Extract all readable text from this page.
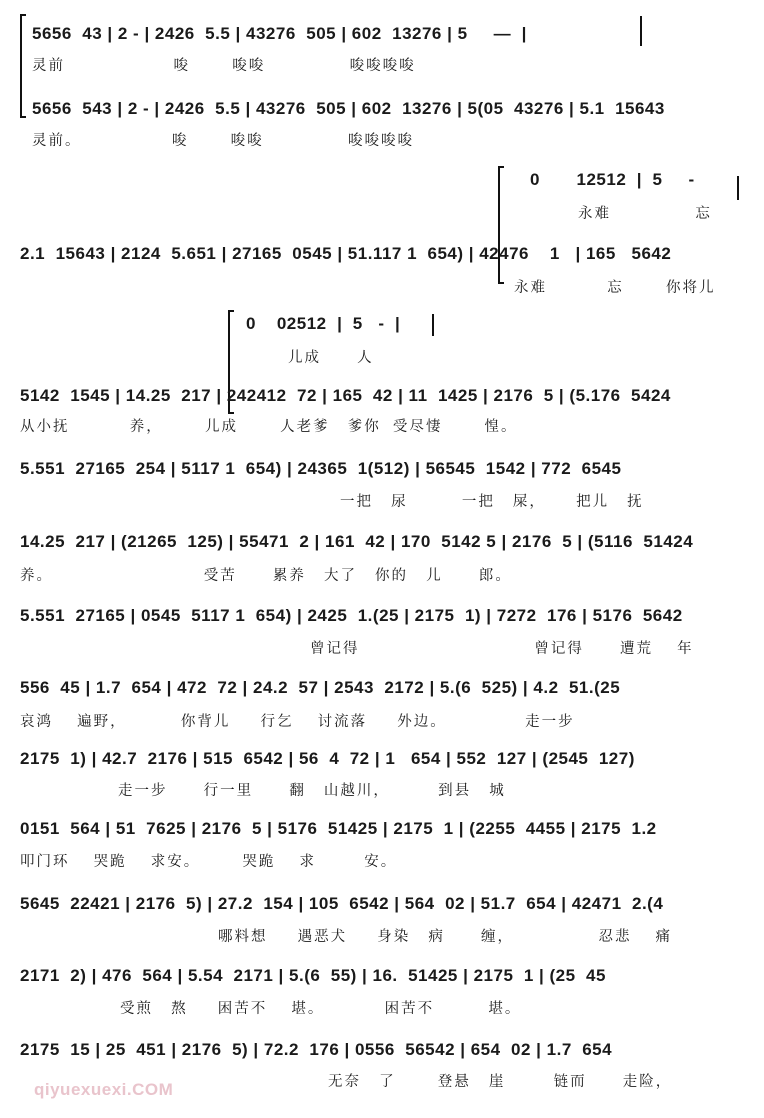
5656  43 | 2 - | 2426  5.5 | 43276  505 | 602  13276 | 5     —  |
灵前                  唆       唆唆              唆唆唆唆
5656  543 | 2 - | 2426  5.5 | 43276  505 | 602  13276 | 5(05  43276 | 5.1  15643
灵前。               唆       唆唆              唆唆唆唆
0       12512  |  5     -
永难              忘
2.1  15643 | 2124  5.651 | 27165  0545 | 51.117 1  654) | 42476    1   | 165   5642
永难          忘       你将儿
0    02512  |  5   -  |
儿成      人
5142  1545 | 14.25  217 | 242412  72 | 165  42 | 11  1425 | 2176  5 | (5.176  5424
从小抚          养，       儿成       人老爹   爹你  受尽悽       惶。
5.551  27165  254 | 5117 1  654) | 24365  1(512) | 56545  1542 | 772  6545
一把   尿         一把   屎，     把儿   抚
14.25  217 | (21265  125) | 55471  2 | 161  42 | 170  5142 5 | 2176  5 | (5116  51424
养。                         受苦      累养   大了   你的   儿      郎。
5.551  27165 | 0545  5117 1  654) | 2425  1.(25 | 2175  1) | 7272  176 | 5176  5642
曾记得                             曾记得      遭荒    年
556  45 | 1.7  654 | 472  72 | 24.2  57 | 2543  2172 | 5.(6  525) | 4.2  51.(25
哀鸿    遍野，         你背儿     行乞    讨流落     外边。             走一步
2175  1) | 42.7  2176 | 515  6542 | 56  4  72 | 1   654 | 552  127 | (2545  127)
走一步      行一里      翻   山越川，        到县   城
0151  564 | 51  7625 | 2176  5 | 5176  51425 | 2175  1 | (2255  4455 | 2175  1.2
叩门环    哭跪    求安。       哭跪    求        安。
5645  22421 | 2176  5) | 27.2  154 | 105  6542 | 564  02 | 51.7  654 | 42471  2.(4
哪料想     遇恶犬     身染   病      缠，              忍悲    痛
2171  2) | 476  564 | 5.54  2171 | 5.(6  55) | 16.  51425 | 2175  1 | (25  45
受煎   熬     困苦不    堪。          困苦不         堪。
2175  15 | 25  451 | 2176  5) | 72.2  176 | 0556  56542 | 654  02 | 1.7  654
无奈   了       登悬   崖        链而      走险，
qiyuexuexi.COM
